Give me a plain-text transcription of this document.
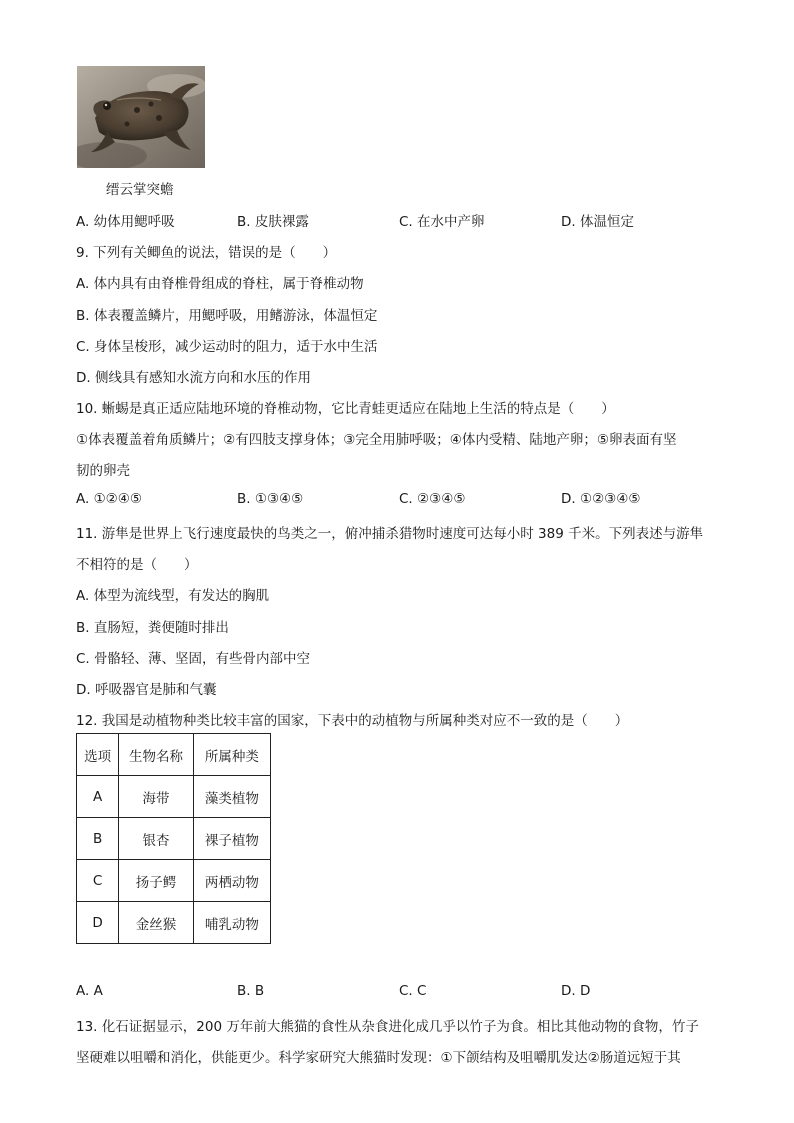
缙云掌突蟾
A. 幼体用鳃呼吸	B. 皮肤裸露	C. 在水中产卵	D. 体温恒定
9. 下列有关鲫鱼的说法，错误的是（　　）
A. 体内具有由脊椎骨组成的脊柱，属于脊椎动物
B. 体表覆盖鳞片，用鳃呼吸，用鳍游泳，体温恒定
C. 身体呈梭形，减少运动时的阻力，适于水中生活
D. 侧线具有感知水流方向和水压的作用
10. 蜥蜴是真正适应陆地环境的脊椎动物，它比青蛙更适应在陆地上生活的特点是（　　）
①体表覆盖着角质鳞片；②有四肢支撑身体；③完全用肺呼吸；④体内受精、陆地产卵；⑤卵表面有坚
韧的卵壳
A. ①②④⑤	B. ①③④⑤	C. ②③④⑤	D. ①②③④⑤
11. 游隼是世界上飞行速度最快的鸟类之一，俯冲捕杀猎物时速度可达每小时 389 千米。下列表述与游隼
不相符的是（　　）
A. 体型为流线型，有发达的胸肌
B. 直肠短，粪便随时排出
C. 骨骼轻、薄、坚固，有些骨内部中空
D. 呼吸器官是肺和气囊
12. 我国是动植物种类比较丰富的国家，下表中的动植物与所属种类对应不一致的是（　　）
选项	生物名称	所属种类
A	海带	藻类植物
B	银杏	裸子植物
C	扬子鳄	两栖动物
D	金丝猴	哺乳动物
A. A	B. B	C. C	D. D
13. 化石证据显示，200 万年前大熊猫的食性从杂食进化成几乎以竹子为食。相比其他动物的食物，竹子
坚硬难以咀嚼和消化，供能更少。科学家研究大熊猫时发现：①下颌结构及咀嚼肌发达②肠道远短于其
